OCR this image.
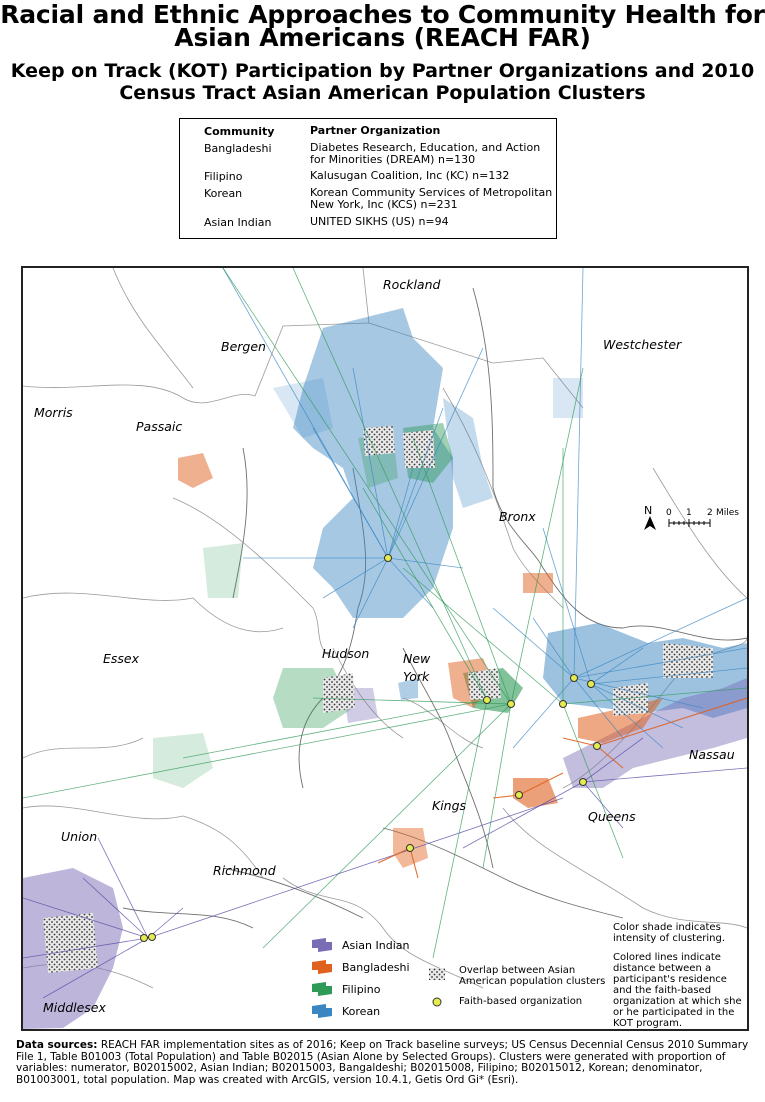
Racial and Ethnic Approaches to Community Health for Asian Americans (REACH FAR)
Keep on Track (KOT) Participation by Partner Organizations and 2010 Census Tract Asian American Population Clusters
Community	Partner Organization
Bangladeshi	Diabetes Research, Education, and Action for Minorities (DREAM) n=130
Filipino	Kalusugan Coalition, Inc (KC) n=132
Korean	Korean Community Services of Metropolitan New York, Inc (KCS) n=231
Asian Indian	UNITED SIKHS (US) n=94
Rockland
Bergen	Westchester
Morris
Passaic
Bronx
Essex	Hudson	New York
Nassau
Kings
Queens
Union
Richmond
Middlesex
N 0 1 2 Miles
Asian Indian
Bangladeshi
Filipino
Korean
Overlap between Asian American population clusters
Faith-based organization
Color shade indicates intensity of clustering.
Colored lines indicate distance between a participant's residence and the faith-based organization at which she or he participated in the KOT program.
Data sources: REACH FAR implementation sites as of 2016; Keep on Track baseline surveys; US Census Decennial Census 2010 Summary File 1, Table B01003 (Total Population) and Table B02015 (Asian Alone by Selected Groups). Clusters were generated with proportion of variables: numerator, B02015002, Asian Indian; B02015003, Bangaldeshi; B02015008, Filipino; B02015012, Korean; denominator, B01003001, total population. Map was created with ArcGIS, version 10.4.1, Getis Ord Gi* (Esri).
